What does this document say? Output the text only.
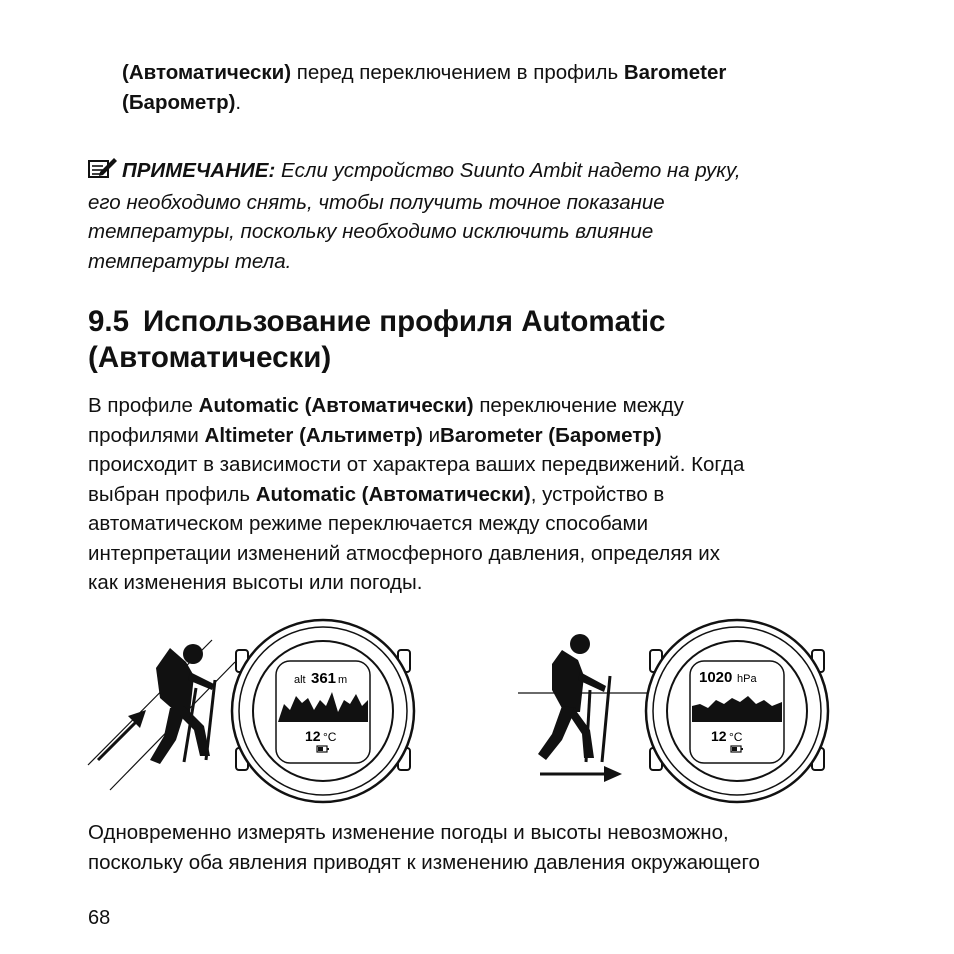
(Автоматически) перед переключением в профиль Barometer
(Барометр).
ПРИМЕЧАНИЕ: Если устройство Suunto Ambit надето на руку,
его необходимо снять, чтобы получить точное показание
температуры, поскольку необходимо исключить влияние
температуры тела.
9.5 Использование профиля Automatic
(Автоматически)
В профиле Automatic (Автоматически) переключение между
профилями Altimeter (Альтиметр) иBarometer (Барометр)
происходит в зависимости от характера ваших передвижений. Когда
выбран профиль Automatic (Автоматически), устройство в
автоматическом режиме переключается между способами
интерпретации изменений атмосферного давления, определяя их
как изменения высоты или погоды.
alt 361 m
12 °C
1020 hPa
12 °C
Одновременно измерять изменение погоды и высоты невозможно,
поскольку оба явления приводят к изменению давления окружающего
68
